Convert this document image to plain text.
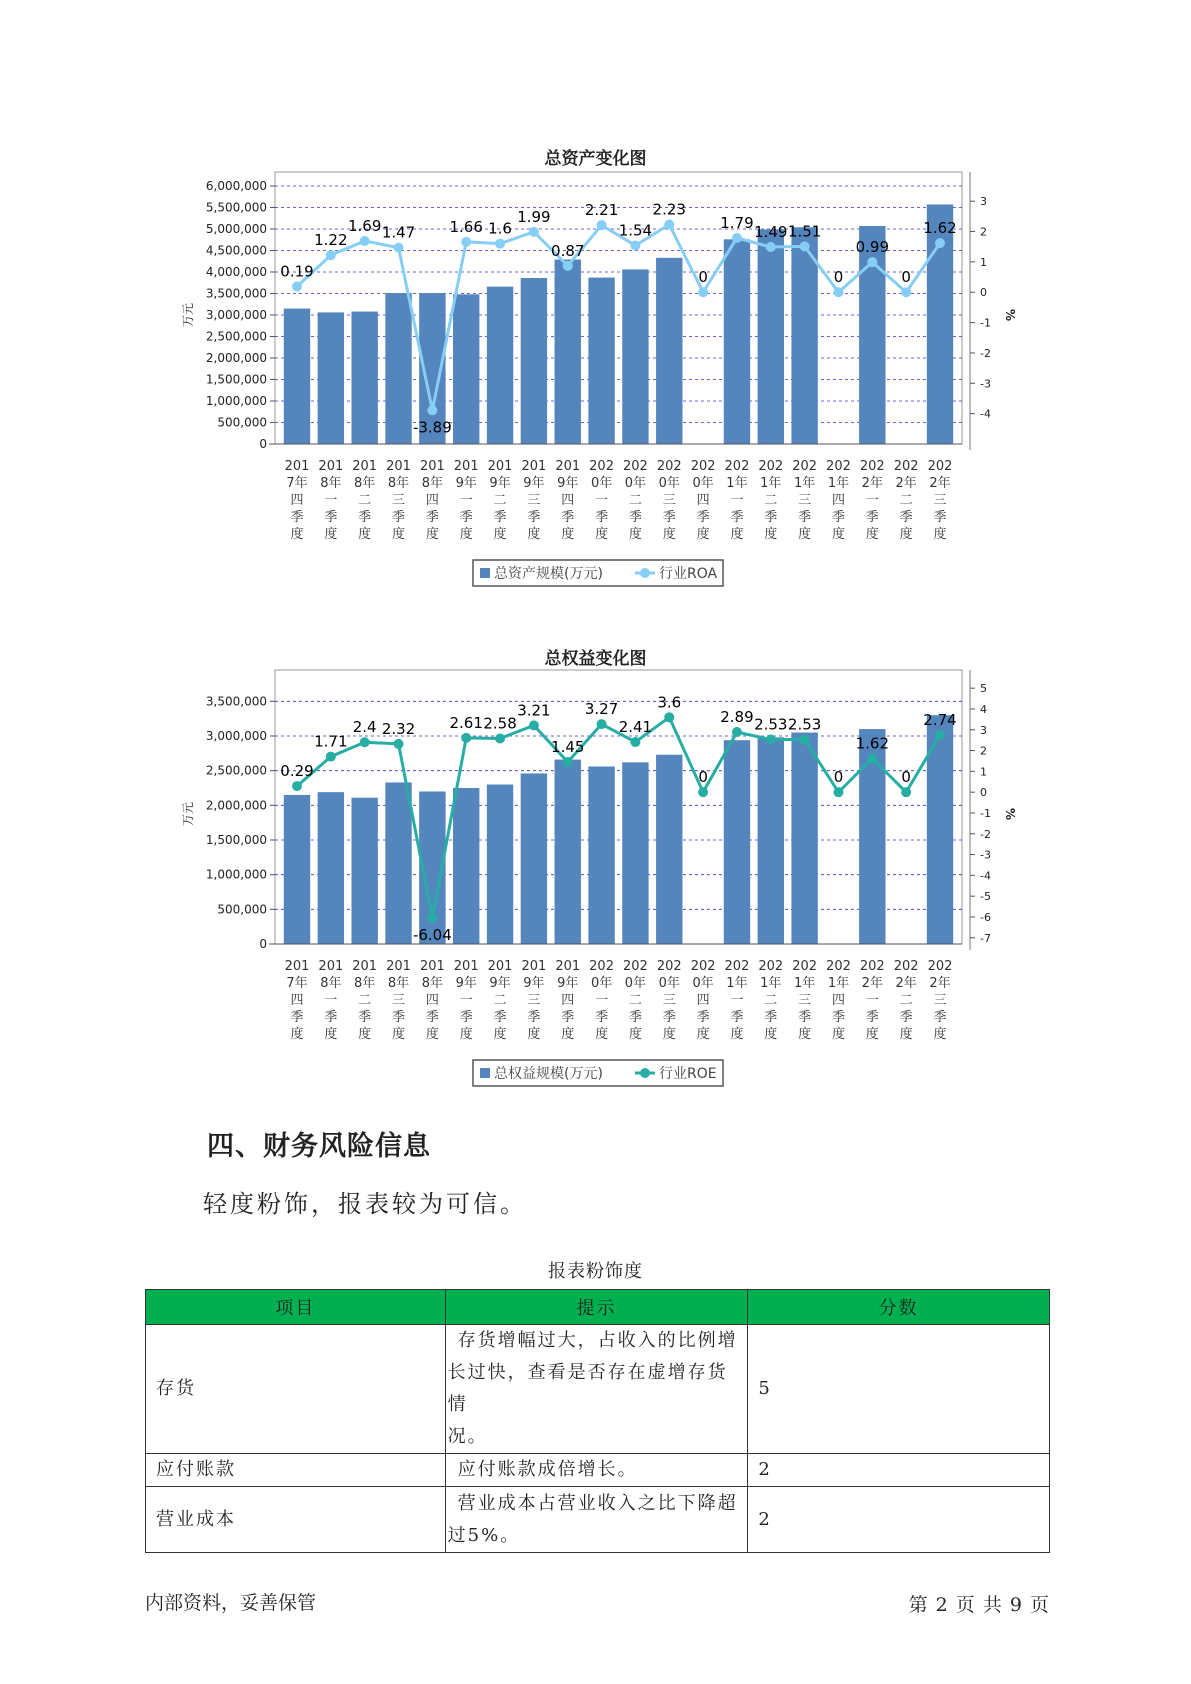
总资产变化图
6,000,000
5,500,000
5,000,000
4,500,000
4,000,000
3,500,000
3,000,000
2,500,000
2,000,000
1,500,000
1,000,000
500,000
0
万元
3
2
1
0
-1
-2
-3
-4
%
0.19
1.22
1.69 1.47
-3.89
1.66 1.6
1.99
0.87
2.21
1.54
2.23
0
1.79
1.49 1.51
0
0.99
0
1.62
201
7年
四
季
度
201
8年
一
季
度
201
8年
二
季
度
201
8年
三
季
度
201
8年
四
季
度
201
9年
一
季
度
201
9年
二
季
度
201
9年
三
季
度
201
9年
四
季
度
202
0年
一
季
度
202
0年
二
季
度
202
0年
三
季
度
202
0年
四
季
度
202
1年
一
季
度
202
1年
二
季
度
202
1年
三
季
度
202
1年
四
季
度
202
2年
一
季
度
202
2年
二
季
度
202
2年
三
季
度
总资产规模(万元)	行业ROA
总权益变化图
3,500,000
3,000,000
2,500,000
2,000,000
1,500,000
1,000,000
500,000
0
万元
5
4
3
2
1
0
-1
-2
-3
-4
-5
-6
-7
%
0.29
1.71
2.4 2.32
-6.04
2.61 2.58
3.21
1.45
3.27
2.41
3.6
0
2.89 2.53 2.53
0
1.62
0
2.74
201
7年
四
季
度
201
8年
一
季
度
201
8年
二
季
度
201
8年
三
季
度
201
8年
四
季
度
201
9年
一
季
度
201
9年
二
季
度
201
9年
三
季
度
201
9年
四
季
度
202
0年
一
季
度
202
0年
二
季
度
202
0年
三
季
度
202
0年
四
季
度
202
1年
一
季
度
202
1年
二
季
度
202
1年
三
季
度
202
1年
四
季
度
202
2年
一
季
度
202
2年
二
季
度
202
2年
三
季
度
总权益规模(万元)	行业ROE
四、财务风险信息
轻度粉饰，报表较为可信。
报表粉饰度
项目	提示	分数
存货	存货增幅过大，占收入的比例增
长过快，查看是否存在虚增存货情
况。	5
应付账款	应付账款成倍增长。	2
营业成本	营业成本占营业收入之比下降超
过5%。	2
内部资料，妥善保管	第 2 页 共 9 页
